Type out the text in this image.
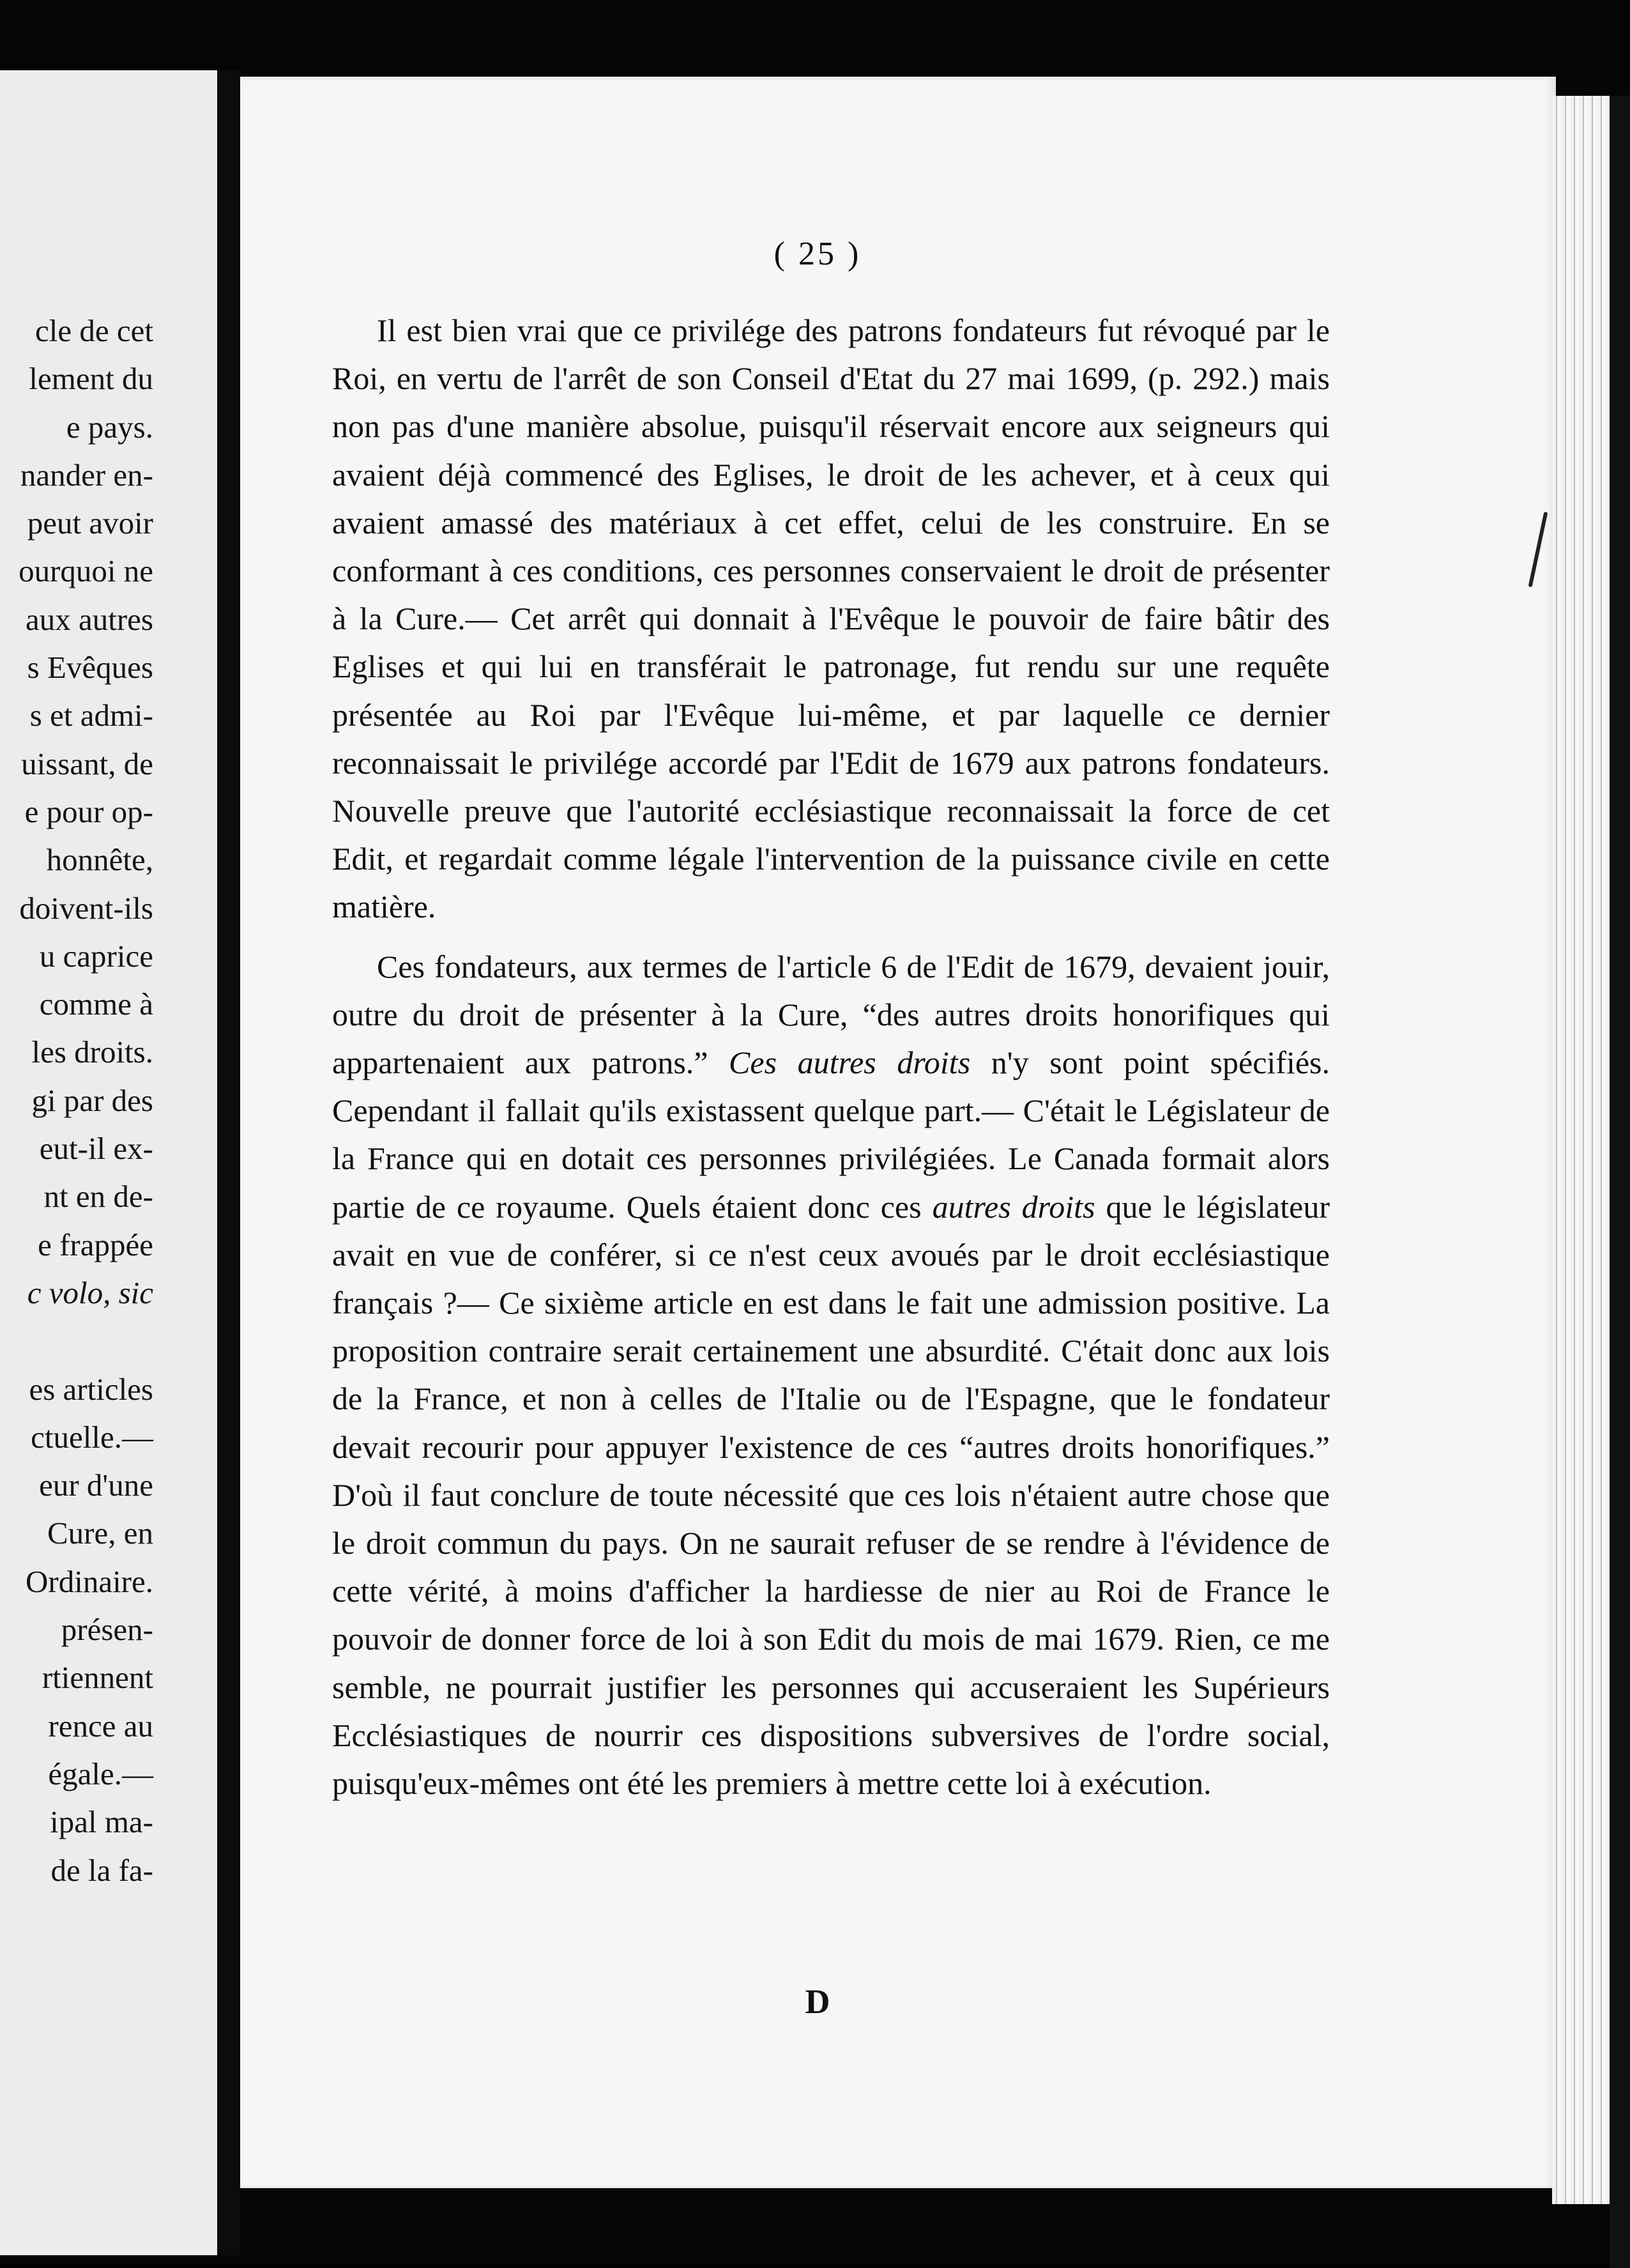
cle de cet
lement du
e pays.
nander en-
peut avoir
ourquoi ne
aux autres
s Evêques
s et admi-
uissant, de
e pour op-
honnête,
doivent-ils
u caprice
comme à
les droits.
gi par des
eut-il ex-
nt en de-
e frappée
c volo, sic
es articles
ctuelle.—
eur d'une
Cure, en
Ordinaire.
présen-
rtiennent
rence au
égale.—
ipal ma-
de la fa-
( 25 )

Il est bien vrai que ce privilége des patrons fondateurs fut révoqué par le Roi, en vertu de l'arrêt de son Conseil d'Etat du 27 mai 1699, (p. 292.) mais non pas d'une manière absolue, puisqu'il réservait encore aux seigneurs qui avaient déjà commencé des Eglises, le droit de les achever, et à ceux qui avaient amassé des matériaux à cet effet, celui de les construire. En se conformant à ces conditions, ces personnes conservaient le droit de présenter à la Cure.— Cet arrêt qui donnait à l'Evêque le pouvoir de faire bâtir des Eglises et qui lui en transférait le patronage, fut rendu sur une requête présentée au Roi par l'Evêque lui-même, et par laquelle ce dernier reconnaissait le privilége accordé par l'Edit de 1679 aux patrons fondateurs. Nouvelle preuve que l'autorité ecclésiastique reconnaissait la force de cet Edit, et regardait comme légale l'intervention de la puissance civile en cette matière.

Ces fondateurs, aux termes de l'article 6 de l'Edit de 1679, devaient jouir, outre du droit de présenter à la Cure, “des autres droits honorifiques qui appartenaient aux patrons.” Ces autres droits n'y sont point spécifiés. Cependant il fallait qu'ils existassent quelque part.— C'était le Législateur de la France qui en dotait ces personnes privilégiées. Le Canada formait alors partie de ce royaume. Quels étaient donc ces autres droits que le législateur avait en vue de conférer, si ce n'est ceux avoués par le droit ecclésiastique français ?— Ce sixième article en est dans le fait une admission positive. La proposition contraire serait certainement une absurdité. C'était donc aux lois de la France, et non à celles de l'Italie ou de l'Espagne, que le fondateur devait recourir pour appuyer l'existence de ces “autres droits honorifiques.” D'où il faut conclure de toute nécessité que ces lois n'étaient autre chose que le droit commun du pays. On ne saurait refuser de se rendre à l'évidence de cette vérité, à moins d'afficher la hardiesse de nier au Roi de France le pouvoir de donner force de loi à son Edit du mois de mai 1679. Rien, ce me semble, ne pourrait justifier les personnes qui accuseraient les Supérieurs Ecclésiastiques de nourrir ces dispositions subversives de l'ordre social, puisqu'eux-mêmes ont été les premiers à mettre cette loi à exécution.

D
